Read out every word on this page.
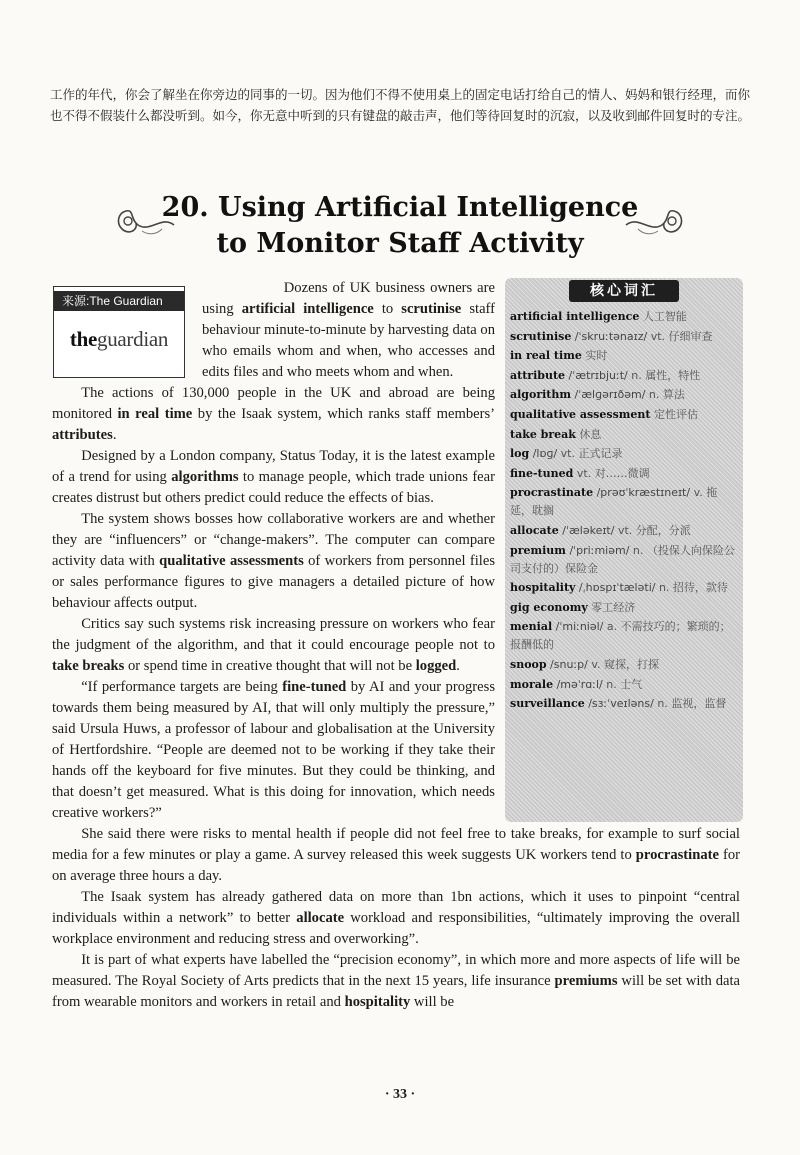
工作的年代，你会了解坐在你旁边的同事的一切。因为他们不得不使用桌上的固定电话打给自己的情人、妈妈和银行经理，而你也不得不假装什么都没听到。如今，你无意中听到的只有键盘的敲击声，他们等待回复时的沉寂，以及收到邮件回复时的专注。
20. Using Artificial Intelligence
to Monitor Staff Activity
来源:The Guardian
theguardian
核心词汇
artificial intelligence 人工智能
scrutinise /ˈskruːtənaɪz/ vt. 仔细审查
in real time 实时
attribute /ˈætrɪbjuːt/ n. 属性，特性
algorithm /ˈælɡərɪðəm/ n. 算法
qualitative assessment 定性评估
take break 休息
log /lɒɡ/ vt. 正式记录
fine-tuned vt. 对……微调
procrastinate /prəʊˈkræstɪneɪt/ v. 拖延，耽搁
allocate /ˈæləkeɪt/ vt. 分配，分派
premium /ˈpriːmiəm/ n. （投保人向保险公司支付的）保险金
hospitality /ˌhɒspɪˈtæləti/ n. 招待，款待
gig economy 零工经济
menial /ˈmiːniəl/ a. 不需技巧的；繁琐的；报酬低的
snoop /snuːp/ v. 窥探，打探
morale /məˈrɑːl/ n. 士气
surveillance /sɜːˈveɪləns/ n. 监视，监督

Dozens of UK business owners are using artificial intelligence to scrutinise staff behaviour minute-to-minute by harvesting data on who emails whom and when, who accesses and edits files and who meets whom and when.

The actions of 130,000 people in the UK and abroad are being monitored in real time by the Isaak system, which ranks staff members’ attributes.

Designed by a London company, Status Today, it is the latest example of a trend for using algorithms to manage people, which trade unions fear creates distrust but others predict could reduce the effects of bias.

The system shows bosses how collaborative workers are and whether they are “influencers” or “change-makers”. The computer can compare activity data with qualitative assessments of workers from personnel files or sales performance figures to give managers a detailed picture of how behaviour affects output.

Critics say such systems risk increasing pressure on workers who fear the judgment of the algorithm, and that it could encourage people not to take breaks or spend time in creative thought that will not be logged.

“If performance targets are being fine-tuned by AI and your progress towards them being measured by AI, that will only multiply the pressure,” said Ursula Huws, a professor of labour and globalisation at the University of Hertfordshire. “People are deemed not to be working if they take their hands off the keyboard for five minutes. But they could be thinking, and that doesn’t get measured. What is this doing for innovation, which needs creative workers?”

She said there were risks to mental health if people did not feel free to take breaks, for example to surf social media for a few minutes or play a game. A survey released this week suggests UK workers tend to procrastinate for on average three hours a day.

The Isaak system has already gathered data on more than 1bn actions, which it uses to pinpoint “central individuals within a network” to better allocate workload and responsibilities, “ultimately improving the overall workplace environment and reducing stress and overworking”.

It is part of what experts have labelled the “precision economy”, in which more and more aspects of life will be measured. The Royal Society of Arts predicts that in the next 15 years, life insurance premiums will be set with data from wearable monitors and workers in retail and hospitality will be

· 33 ·
